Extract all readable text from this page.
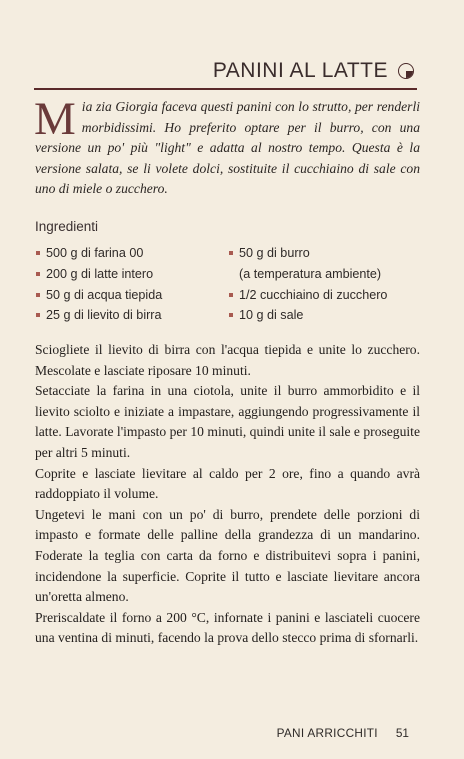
PANINI AL LATTE
Mia zia Giorgia faceva questi panini con lo strutto, per renderli morbidissimi. Ho preferito optare per il burro, con una versione un po' più "light" e adatta al nostro tempo. Questa è la versione salata, se li volete dolci, sostituite il cucchiaino di sale con uno di miele o zucchero.
Ingredienti
500 g di farina 00
200 g di latte intero
50 g di acqua tiepida
25 g di lievito di birra
50 g di burro
(a temperatura ambiente)
1/2 cucchiaino di zucchero
10 g di sale

Sciogliete il lievito di birra con l'acqua tiepida e unite lo zucchero. Mescolate e lasciate riposare 10 minuti.

Setacciate la farina in una ciotola, unite il burro ammorbidito e il lievito sciolto e iniziate a impastare, aggiungendo progressivamente il latte. Lavorate l'impasto per 10 minuti, quindi unite il sale e proseguite per altri 5 minuti.

Coprite e lasciate lievitare al caldo per 2 ore, fino a quando avrà raddoppiato il volume.

Ungetevi le mani con un po' di burro, prendete delle porzioni di impasto e formate delle palline della grandezza di un mandarino. Foderate la teglia con carta da forno e distribuitevi sopra i panini, incidendone la superficie. Coprite il tutto e lasciate lievitare ancora un'oretta almeno.

Preriscaldate il forno a 200 °C, infornate i panini e lasciateli cuocere una ventina di minuti, facendo la prova dello stecco prima di sfornarli.

PANI ARRICCHITI 51
